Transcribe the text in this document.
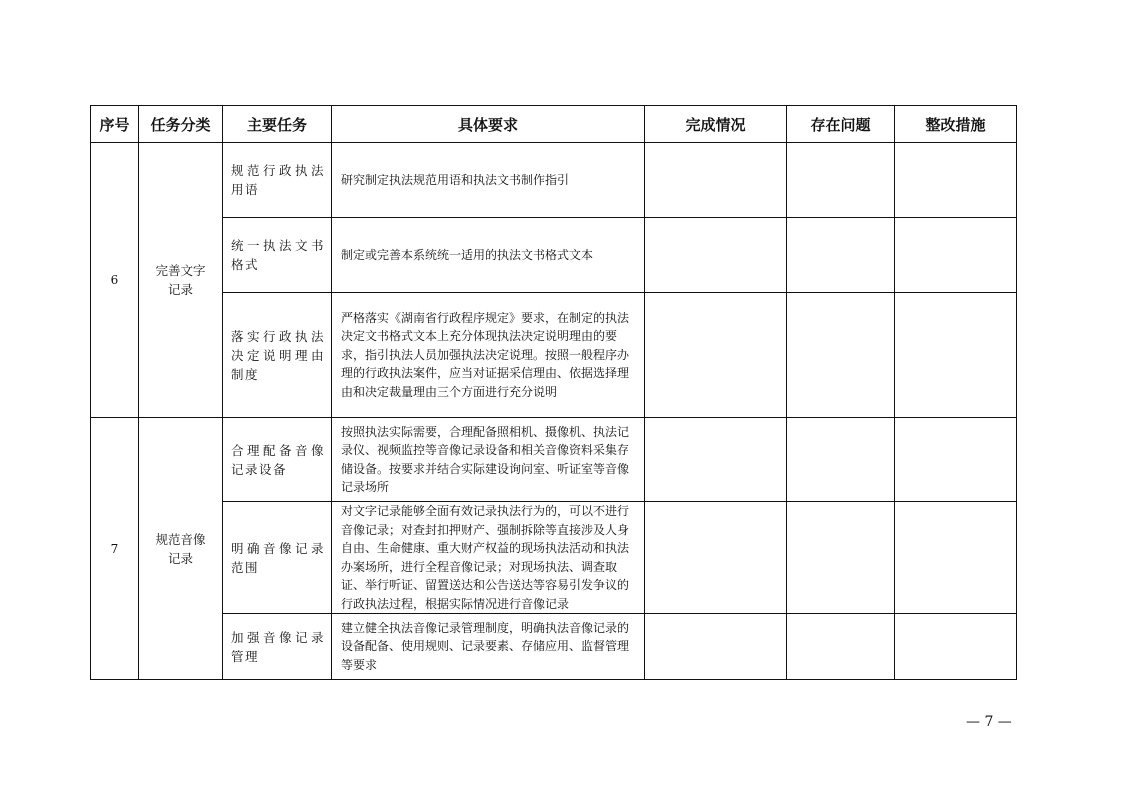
序号	任务分类	主要任务	具体要求	完成情况	存在问题	整改措施
6	完善文字记录	规范行政执法用语	研究制定执法规范用语和执法文书制作指引			
		统一执法文书格式	制定或完善本系统统一适用的执法文书格式文本			
		落实行政执法决定说明理由制度	严格落实《湖南省行政程序规定》要求，在制定的执法决定文书格式文本上充分体现执法决定说明理由的要求，指引执法人员加强执法决定说理。按照一般程序办理的行政执法案件，应当对证据采信理由、依据选择理由和决定裁量理由三个方面进行充分说明			
7	规范音像记录	合理配备音像记录设备	按照执法实际需要，合理配备照相机、摄像机、执法记录仪、视频监控等音像记录设备和相关音像资料采集存储设备。按要求并结合实际建设询问室、听证室等音像记录场所			
		明确音像记录范围	对文字记录能够全面有效记录执法行为的，可以不进行音像记录；对查封扣押财产、强制拆除等直接涉及人身自由、生命健康、重大财产权益的现场执法活动和执法办案场所，进行全程音像记录；对现场执法、调查取证、举行听证、留置送达和公告送达等容易引发争议的行政执法过程，根据实际情况进行音像记录			
		加强音像记录管理	建立健全执法音像记录管理制度，明确执法音像记录的设备配备、使用规则、记录要素、存储应用、监督管理等要求			
— 7 —
